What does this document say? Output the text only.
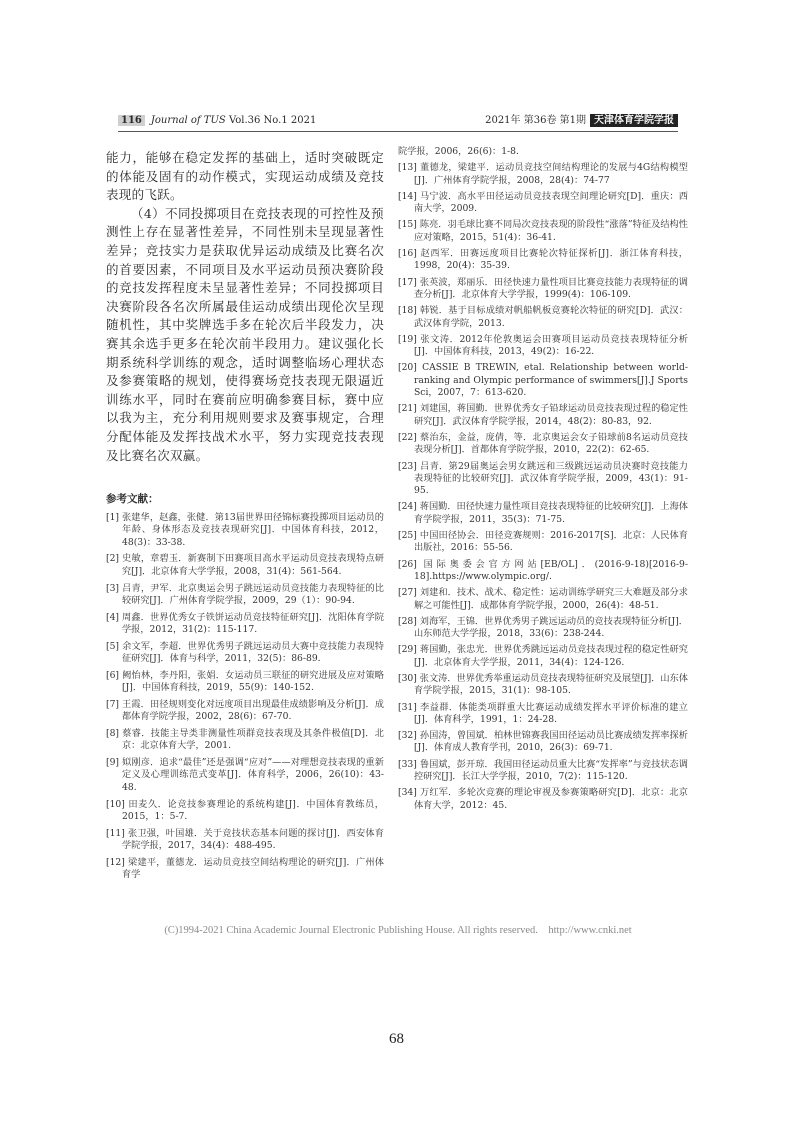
116 Journal of TUS Vol.36 No.1 2021	2021年 第36卷 第1期 天津体育学院学报

能力，能够在稳定发挥的基础上，适时突破既定的体能及固有的动作模式，实现运动成绩及竞技表现的飞跃。

（4）不同投掷项目在竞技表现的可控性及预测性上存在显著性差异，不同性别未呈现显著性差异；竞技实力是获取优异运动成绩及比赛名次的首要因素，不同项目及水平运动员预决赛阶段的竞技发挥程度未呈显著性差异；不同投掷项目决赛阶段各名次所属最佳运动成绩出现伦次呈现随机性，其中奖牌选手多在轮次后半段发力，决赛其余选手更多在轮次前半段用力。建议强化长期系统科学训练的观念，适时调整临场心理状态及参赛策略的规划，使得赛场竞技表现无限逼近训练水平，同时在赛前应明确参赛目标，赛中应以我为主，充分利用规则要求及赛事规定，合理分配体能及发挥技战术水平，努力实现竞技表现及比赛名次双赢。

参考文献：
[1] 张建华，赵鑫，张健．第13届世界田径锦标赛投掷项目运动员的年龄、身体形态及竞技表现研究[J]．中国体育科技，2012，48(3)：33-38.
[2] 史敏，章碧玉．新赛制下田赛项目高水平运动员竞技表现特点研究[J]．北京体育大学学报，2008，31(4)：561-564.
[3] 吕青，尹军．北京奥运会男子跳远运动员竞技能力表现特征的比较研究[J]．广州体育学院学报，2009，29（1）：90-94.
[4] 周鑫．世界优秀女子铁饼运动员竞技特征研究[J]．沈阳体育学院学报，2012，31(2)：115-117.
[5] 余文军，李超．世界优秀男子跳远运动员大赛中竞技能力表现特征研究[J]．体育与科学，2011，32(5)：86-89.
[6] 阙怡林，李丹阳，张娟．女运动员三联征的研究进展及应对策略[J]．中国体育科技，2019，55(9)：140-152.
[7] 王霞．田径规则变化对远度项目出现最佳成绩影响及分析[J]．成都体育学院学报，2002，28(6)：67-70.
[8] 蔡睿．技能主导类非测量性项群竞技表现及其条件极值[D]．北京：北京体育大学，2001.
[9] 姒刚彦．追求“最佳”还是强调“应对”——对理想竞技表现的重新定义及心理训练范式变革[J]．体育科学，2006，26(10)：43-48.
[10] 田麦久．论竞技参赛理论的系统构建[J]．中国体育教练员，2015，1：5-7.
[11] 张卫强，叶国雄．关于竞技状态基本问题的探讨[J]．西安体育学院学报，2017，34(4)：488-495.
[12] 梁建平，董德龙．运动员竞技空间结构理论的研究[J]．广州体育学
院学报，2006，26(6)：1-8.
[13] 董德龙，梁建平．运动员竞技空间结构理论的发展与4G结构模型[J]．广州体育学院学报，2008，28(4)：74-77
[14] 马宁波．高水平田径运动员竞技表现空间理论研究[D]．重庆：西南大学，2009.
[15] 陈亮．羽毛球比赛不同局次竞技表现的阶段性“涨落”特征及结构性应对策略，2015，51(4)：36-41.
[16] 赵西军．田赛远度项目比赛轮次特征探析[J]．浙江体育科技，1998，20(4)：35-39.
[17] 张英波，郑丽乐．田径快速力量性项目比赛竞技能力表现特征的调查分析[J]．北京体育大学学报，1999(4)：106-109.
[18] 韩锐．基于目标成绩对帆船帆板竞赛轮次特征的研究[D]．武汉：武汉体育学院，2013.
[19] 张文涛．2012年伦敦奥运会田赛项目运动员竞技表现特征分析[J]．中国体育科技，2013，49(2)：16-22.
[20] CASSIE B TREWIN, etal. Relationship between world-ranking and Olympic performance of swimmers[J].J Sports Sci，2007，7：613-620.
[21] 刘建国，蒋国勤．世界优秀女子铅球运动员竞技表现过程的稳定性研究[J]．武汉体育学院学报，2014，48(2)：80-83，92.
[22] 蔡治东，金益，庞倩，等．北京奥运会女子铅球前8名运动员竞技表现分析[J]．首都体育学院学报，2010，22(2)：62-65.
[23] 吕青．第29届奥运会男女跳远和三级跳远运动员决赛时竞技能力表现特征的比较研究[J]．武汉体育学院学报，2009，43(1)：91-95.
[24] 蒋国勤．田径快速力量性项目竞技表现特征的比较研究[J]．上海体育学院学报，2011，35(3)：71-75.
[25] 中国田径协会．田径竞赛规则：2016-2017[S]．北京：人民体育出版社，2016：55-56.
[26] 国际奥委会官方网站[EB/OL]．(2016-9-18)[2016-9-18].https://www.olympic.org/.
[27] 刘建和．技术、战术、稳定性：运动训练学研究三大难题及部分求解之可能性[J]．成都体育学院学报，2000，26(4)：48-51.
[28] 刘海军，王锦．世界优秀男子跳远运动员的竞技表现特征分析[J]．山东师范大学学报，2018，33(6)：238-244.
[29] 蒋国勤，张忠光．世界优秀跳远运动员竞技表现过程的稳定性研究[J]．北京体育大学学报，2011，34(4)：124-126.
[30] 张文涛．世界优秀举重运动员竞技表现特征研究及展望[J]．山东体育学院学报，2015，31(1)：98-105.
[31] 李益群．体能类项群重大比赛运动成绩发挥水平评价标准的建立[J]．体育科学，1991，1：24-28.
[32] 孙国涛，曾国斌．柏林世锦赛我国田径运动员比赛成绩发挥率探析[J]．体育成人教育学刊，2010，26(3)：69-71.
[33] 鲁国斌，彭开琼．我国田径运动员重大比赛“发挥率”与竞技状态调控研究[J]．长江大学学报，2010，7(2)：115-120.
[34] 万红军．多轮次竞赛的理论审视及参赛策略研究[D]．北京：北京体育大学，2012：45.
(C)1994-2021 China Academic Journal Electronic Publishing House. All rights reserved. http://www.cnki.net
68
